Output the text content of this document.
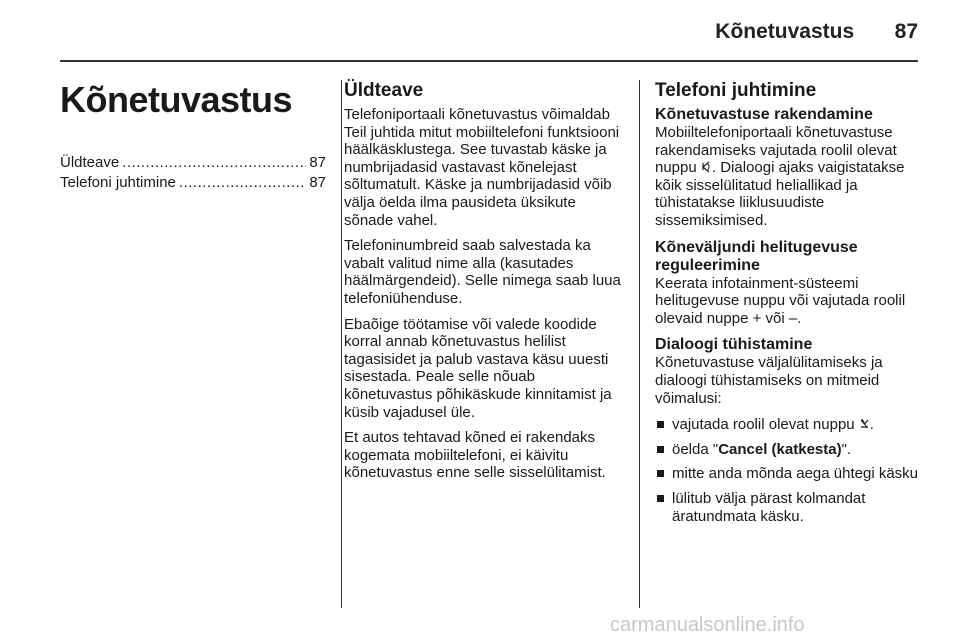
Kõnetuvastus 87
Kõnetuvastus
Üldteave .....	87
Telefoni juhtimine .....	87
Üldteave

Telefoniportaali kõnetuvastus võimaldab Teil juhtida mitut mobiiltelefoni funktsiooni häälkäsklustega. See tuvastab käske ja numbrijadasid vastavast kõnelejast sõltumatult. Käske ja numbrijadasid võib välja öelda ilma pausideta üksikute sõnade vahel.

Telefoninumbreid saab salvestada ka vabalt valitud nime alla (kasutades häälmärgendeid). Selle nimega saab luua telefoniühenduse.

Ebaõige töötamise või valede koodide korral annab kõnetuvastus helilist tagasisidet ja palub vastava käsu uuesti sisestada. Peale selle nõuab kõnetuvastus põhikäskude kinnitamist ja küsib vajadusel üle.

Et autos tehtavad kõned ei rakendaks kogemata mobiiltelefoni, ei käivitu kõnetuvastus enne selle sisselülitamist.

Telefoni juhtimine
Kõnetuvastuse rakendamine

Mobiiltelefoniportaali kõnetuvastuse rakendamiseks vajutada roolil olevat nuppu . Dialoogi ajaks vaigistatakse kõik sisselülitatud heliallikad ja tühistatakse liiklusuudiste sissemiksimised.

Kõneväljundi helitugevuse reguleerimine

Keerata infotainment-süsteemi helitugevuse nuppu või vajutada roolil olevaid nuppe + või –.

Dialoogi tühistamine

Kõnetuvastuse väljalülitamiseks ja dialoogi tühistamiseks on mitmeid võimalusi:

vajutada roolil olevat nuppu .
öelda "Cancel (katkesta)".
mitte anda mõnda aega ühtegi käsku
lülitub välja pärast kolmandat äratundmata käsku.
carmanualsonline.info
